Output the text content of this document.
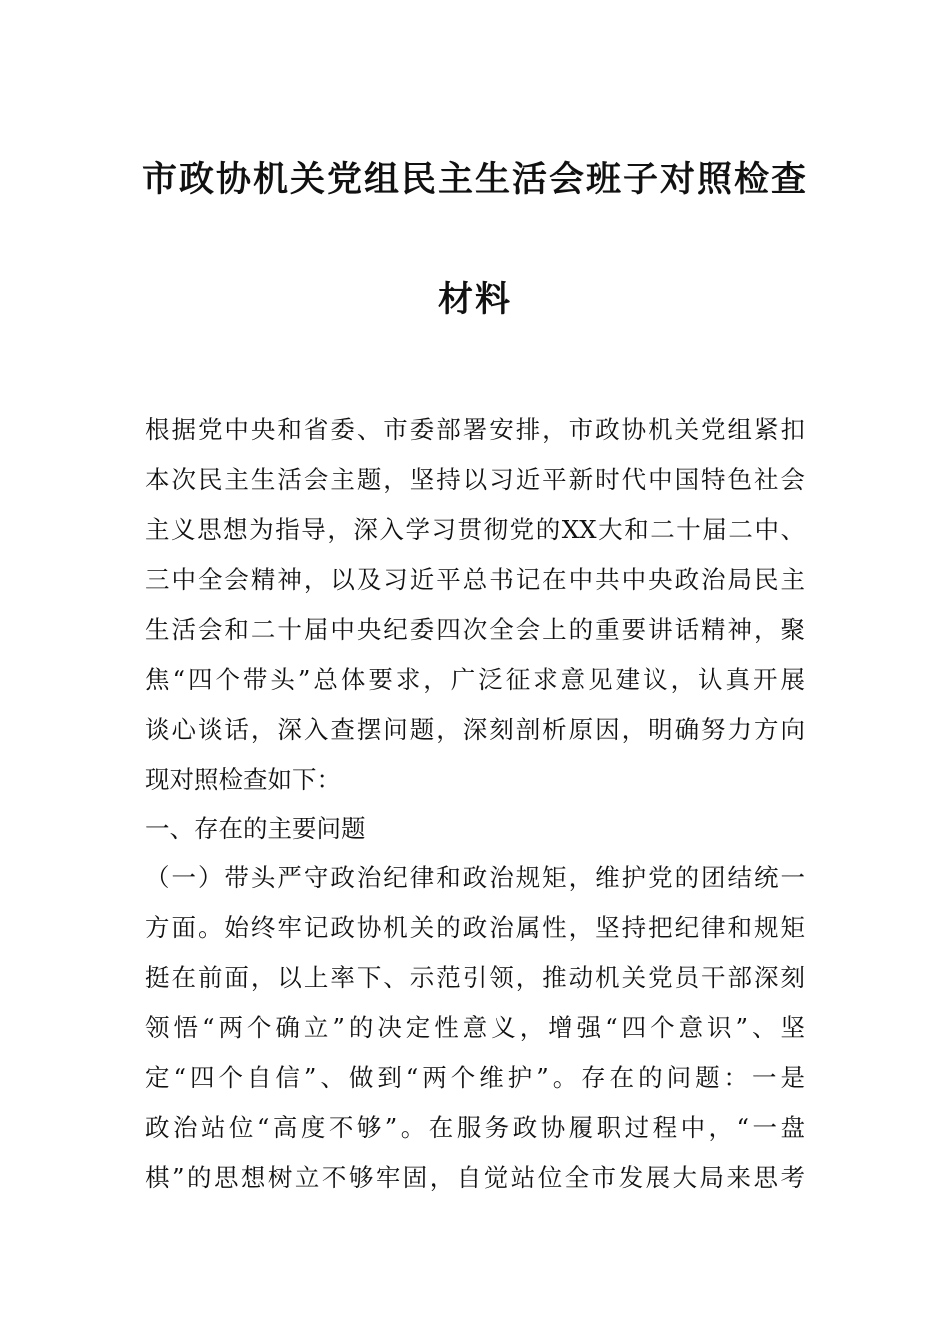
市政协机关党组民主生活会班子对照检查
材料
根据党中央和省委、市委部署安排，市政协机关党组紧扣
本次民主生活会主题，坚持以习近平新时代中国特色社会
主义思想为指导，深入学习贯彻党的XX大和二十届二中、
三中全会精神，以及习近平总书记在中共中央政治局民主
生活会和二十届中央纪委四次全会上的重要讲话精神，聚
焦“四个带头”总体要求，广泛征求意见建议，认真开展
谈心谈话，深入查摆问题，深刻剖析原因，明确努力方向
现对照检查如下：
一、存在的主要问题
（一）带头严守政治纪律和政治规矩，维护党的团结统一
方面。始终牢记政协机关的政治属性，坚持把纪律和规矩
挺在前面，以上率下、示范引领，推动机关党员干部深刻
领悟“两个确立”的决定性意义，增强“四个意识”、坚
定“四个自信”、做到“两个维护”。存在的问题：一是
政治站位“高度不够”。在服务政协履职过程中，“一盘
棋”的思想树立不够牢固，自觉站位全市发展大局来思考
